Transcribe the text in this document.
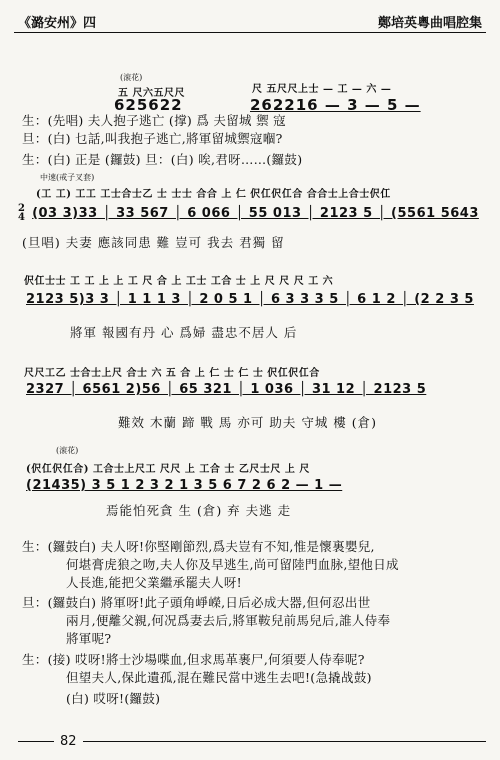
《潞安州》四	鄭培英粵曲唱腔集
(滚花)
五 尺六五尺尺
625622
尺 五尺尺上士 — 工 — 六 —
262216 — 3 — 5 —
生：(先唱) 夫人抱子逃亡 (撑) 爲 夫留城 禦 寇
旦：(白) 乜話,叫我抱子逃亡,將軍留城禦寇嗰?
生：(白) 正是 (鑼鼓) 旦：(白) 唉,君呀……(鑼鼓)
中速(戒子叉套)
(工 工) 工工 工士合士乙 士 士士 合合 上 仁 伬仜伬仜合 合合士上合士伬仜
2
4 (03 3)33 │ 33 567 │ 6 066 │ 55 013 │ 2123 5 │ (5561 5643
(旦唱) 夫妻 應該同患 難 豈可 我去 君獨 留
伬仜士士 工 工 上 上 工 尺 合 上 工士 工合 士 上 尺 尺 尺 工 六
2123 5)3 3 │ 1 1 1 3 │ 2 0 5 1 │ 6 3 3 3 5 │ 6 1 2 │ (2 2 3 5
將軍 報國有丹 心 爲婦 盡忠不居人 后
尺尺工乙 士合士上尺 合士 六 五 合 上 仁 士 仁 士 伬仜伬仜合
2327 │ 6561 2)56 │ 65 321 │ 1 036 │ 31 12 │ 2123 5
難效 木蘭 蹄 戰 馬 亦可 助夫 守城 樓 (倉)
(滚花)
(伬仜伬仜合) 工合士上尺工 尺尺 上 工合 士 乙尺士尺 上 尺
(21435) 3 5 1 2 3 2 1 3 5 6 7 2 6 2 — 1 —
焉能怕死貪 生 (倉) 弃 夫逃 走
生：(鑼鼓白) 夫人呀!你堅剛節烈,爲夫豈有不知,惟是懷裏嬰兒,
何堪膏虎狼之吻,夫人你及早逃生,尚可留陸門血脉,望他日成
人長進,能把父業繼承罷夫人呀!
旦：(鑼鼓白) 將軍呀!此子頭角崢嶸,日后必成大器,但何忍出世
兩月,便離父親,何况爲妻去后,將軍鞍兒前馬兒后,誰人侍奉
將軍呢?
生：(接) 哎呀!將士沙場喋血,但求馬革裹尸,何須要人侍奉呢?
但望夫人,保此遺孤,混在難民當中逃生去吧!(急撬战鼓)
(白) 哎呀!(鑼鼓)
82
